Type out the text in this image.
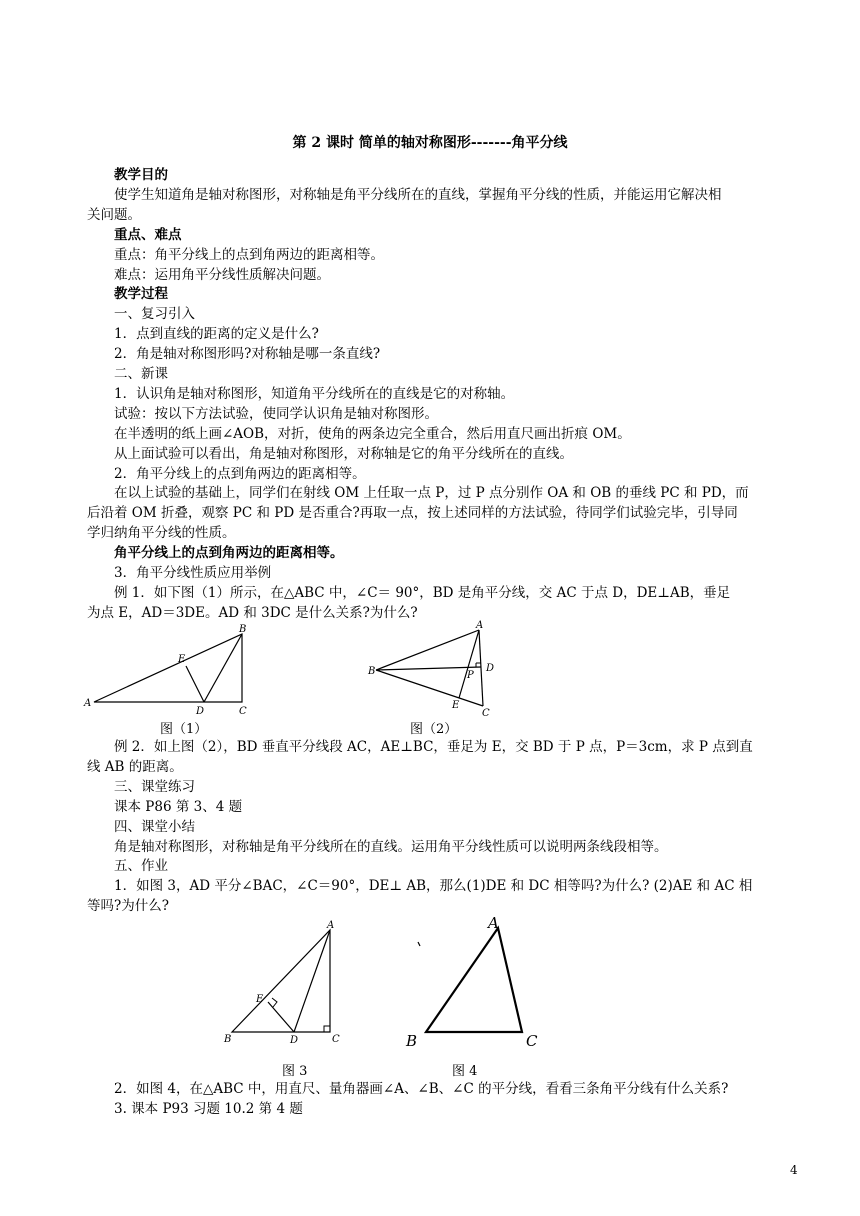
第 2 课时 简单的轴对称图形-------角平分线
教学目的
使学生知道角是轴对称图形，对称轴是角平分线所在的直线，掌握角平分线的性质，并能运用它解决相
关问题。
重点、难点
重点：角平分线上的点到角两边的距离相等。
难点：运用角平分线性质解决问题。
教学过程
一、复习引入
1．点到直线的距离的定义是什么?
2．角是轴对称图形吗?对称轴是哪一条直线?
二、新课
1．认识角是轴对称图形，知道角平分线所在的直线是它的对称轴。
试验：按以下方法试验，使同学认识角是轴对称图形。
在半透明的纸上画∠AOB，对折，使角的两条边完全重合，然后用直尺画出折痕 OM。
从上面试验可以看出，角是轴对称图形，对称轴是它的角平分线所在的直线。
2．角平分线上的点到角两边的距离相等。
在以上试验的基础上，同学们在射线 OM 上任取一点 P，过 P 点分别作 OA 和 OB 的垂线 PC 和 PD，而
后沿着 OM 折叠，观察 PC 和 PD 是否重合?再取一点，按上述同样的方法试验，待同学们试验完毕，引导同
学归纳角平分线的性质。
角平分线上的点到角两边的距离相等。
3．角平分线性质应用举例
例 1．如下图（1）所示，在△ABC 中，∠C＝ 90°，BD 是角平分线，交 AC 于点 D，DE⊥AB，垂足
为点 E，AD＝3DE。AD 和 3DC 是什么关系?为什么?
A
B
C
D
E
图（1）
A
B
C
D
E
P
图（2）
例 2．如上图（2），BD 垂直平分线段 AC，AE⊥BC，垂足为 E，交 BD 于 P 点，P＝3cm，求 P 点到直
线 AB 的距离。
三、课堂练习
课本 P86 第 3、4 题
四、课堂小结
角是轴对称图形，对称轴是角平分线所在的直线。运用角平分线性质可以说明两条线段相等。
五、作业
1．如图 3，AD 平分∠BAC，∠C＝90°，DE⊥ AB，那么(1)DE 和 DC 相等吗?为什么? (2)AE 和 AC 相
等吗?为什么?
A
B	C
D
E
图 3
A
B	C
图 4
2．如图 4，在△ABC 中，用直尺、量角器画∠A、∠B、∠C 的平分线，看看三条角平分线有什么关系?
3. 课本 P93 习题 10.2 第 4 题
4
